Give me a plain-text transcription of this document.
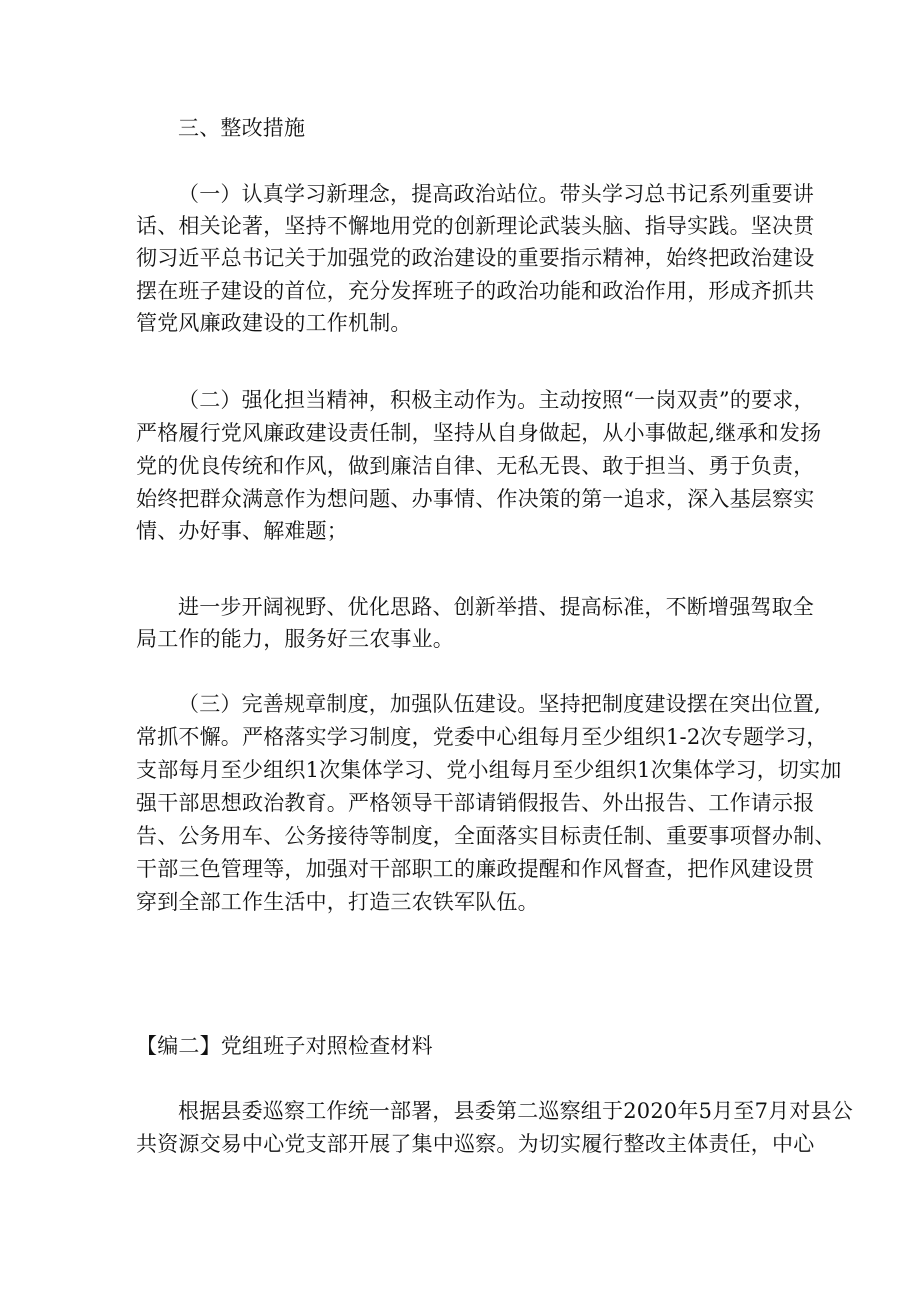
三、整改措施
（一）认真学习新理念，提高政治站位。带头学习总书记系列重要讲
话、相关论著，坚持不懈地用党的创新理论武装头脑、指导实践。坚决贯
彻习近平总书记关于加强党的政治建设的重要指示精神，始终把政治建设
摆在班子建设的首位，充分发挥班子的政治功能和政治作用，形成齐抓共
管党风廉政建设的工作机制。
（二）强化担当精神，积极主动作为。主动按照“一岗双责”的要求，
严格履行党风廉政建设责任制，坚持从自身做起，从小事做起,继承和发扬
党的优良传统和作风，做到廉洁自律、无私无畏、敢于担当、勇于负责，
始终把群众满意作为想问题、办事情、作决策的第一追求，深入基层察实
情、办好事、解难题；
进一步开阔视野、优化思路、创新举措、提高标准，不断增强驾取全
局工作的能力，服务好三农事业。
（三）完善规章制度，加强队伍建设。坚持把制度建设摆在突出位置,
常抓不懈。严格落实学习制度，党委中心组每月至少组织1-2次专题学习，
支部每月至少组织1次集体学习、党小组每月至少组织1次集体学习，切实加
强干部思想政治教育。严格领导干部请销假报告、外出报告、工作请示报
告、公务用车、公务接待等制度，全面落实目标责任制、重要事项督办制、
干部三色管理等，加强对干部职工的廉政提醒和作风督查，把作风建设贯
穿到全部工作生活中，打造三农铁军队伍。
【编二】党组班子对照检查材料
根据县委巡察工作统一部署，县委第二巡察组于2020年5月至7月对县公
共资源交易中心党支部开展了集中巡察。为切实履行整改主体责任，中心
